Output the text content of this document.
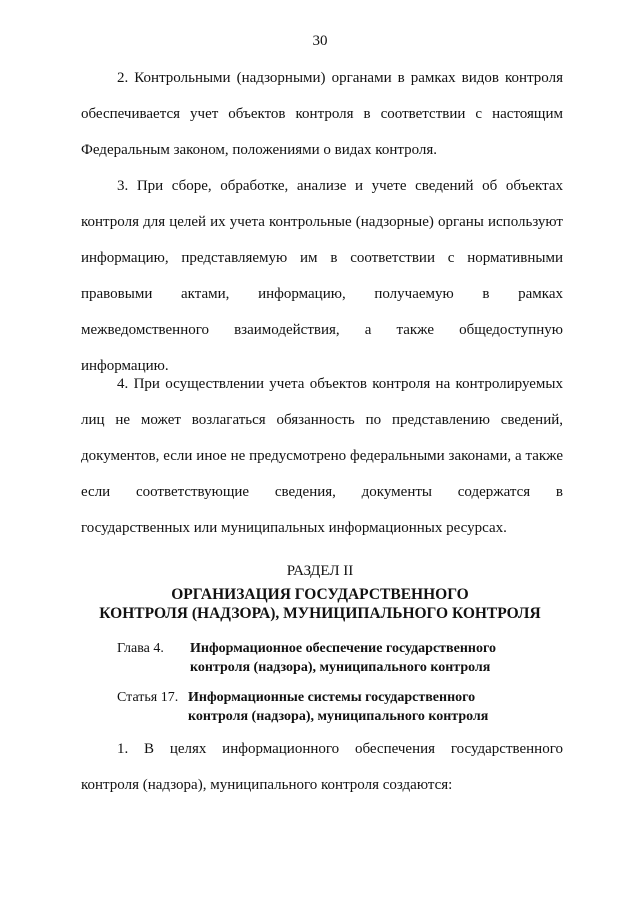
30

2. Контрольными (надзорными) органами в рамках видов контроля обеспечивается учет объектов контроля в соответствии с настоящим Федеральным законом, положениями о видах контроля.

3. При сборе, обработке, анализе и учете сведений об объектах контроля для целей их учета контрольные (надзорные) органы используют информацию, представляемую им в соответствии с нормативными правовыми актами, информацию, получаемую в рамках межведомственного взаимодействия, а также общедоступную информацию.

4. При осуществлении учета объектов контроля на контролируемых лиц не может возлагаться обязанность по представлению сведений, документов, если иное не предусмотрено федеральными законами, а также если соответствующие сведения, документы содержатся в государственных или муниципальных информационных ресурсах.

РАЗДЕЛ II
ОРГАНИЗАЦИЯ ГОСУДАРСТВЕННОГО
КОНТРОЛЯ (НАДЗОРА), МУНИЦИПАЛЬНОГО КОНТРОЛЯ
Глава 4. Информационное обеспечение государственного
контроля (надзора), муниципального контроля
Статья 17. Информационные системы государственного
контроля (надзора), муниципального контроля

1. В целях информационного обеспечения государственного контроля (надзора), муниципального контроля создаются:
